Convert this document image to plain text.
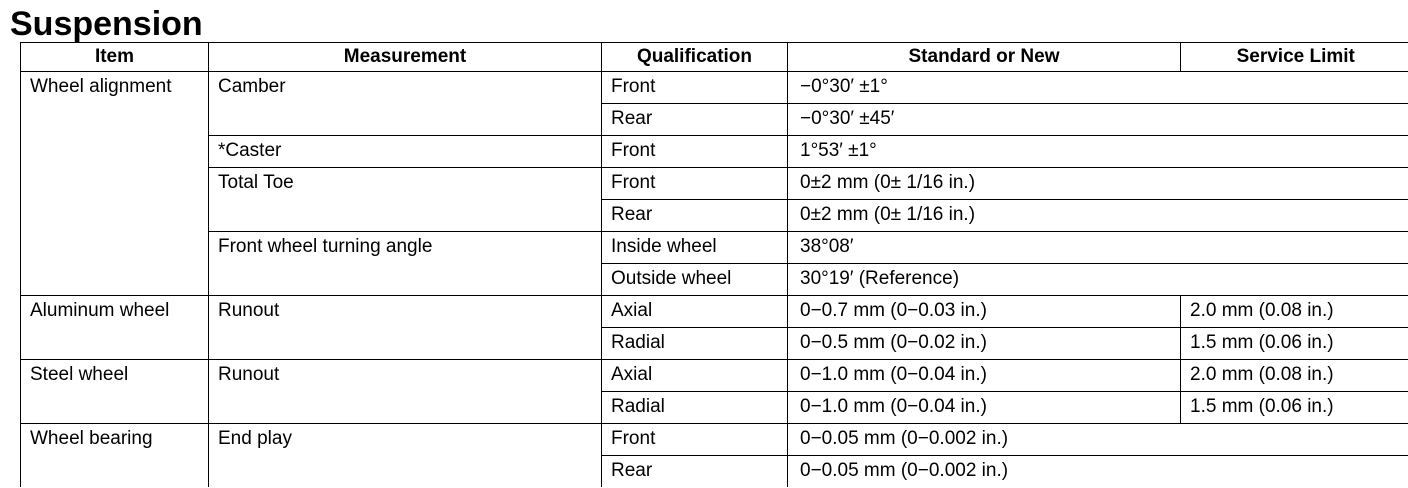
Suspension
Item	Measurement	Qualification	Standard or New	Service Limit
Wheel alignment	Camber	Front	−0°30′ ±1°	
		Rear	−0°30′ ±45′	
	*Caster	Front	1°53′ ±1°	
	Total Toe	Front	0±2 mm (0± 1/16 in.)	
		Rear	0±2 mm (0± 1/16 in.)	
	Front wheel turning angle	Inside wheel	38°08′	
		Outside wheel	30°19′ (Reference)	
Aluminum wheel	Runout	Axial	0−0.7 mm (0−0.03 in.)	2.0 mm (0.08 in.)
		Radial	0−0.5 mm (0−0.02 in.)	1.5 mm (0.06 in.)
Steel wheel	Runout	Axial	0−1.0 mm (0−0.04 in.)	2.0 mm (0.08 in.)
		Radial	0−1.0 mm (0−0.04 in.)	1.5 mm (0.06 in.)
Wheel bearing	End play	Front	0−0.05 mm (0−0.002 in.)	
		Rear	0−0.05 mm (0−0.002 in.)	
